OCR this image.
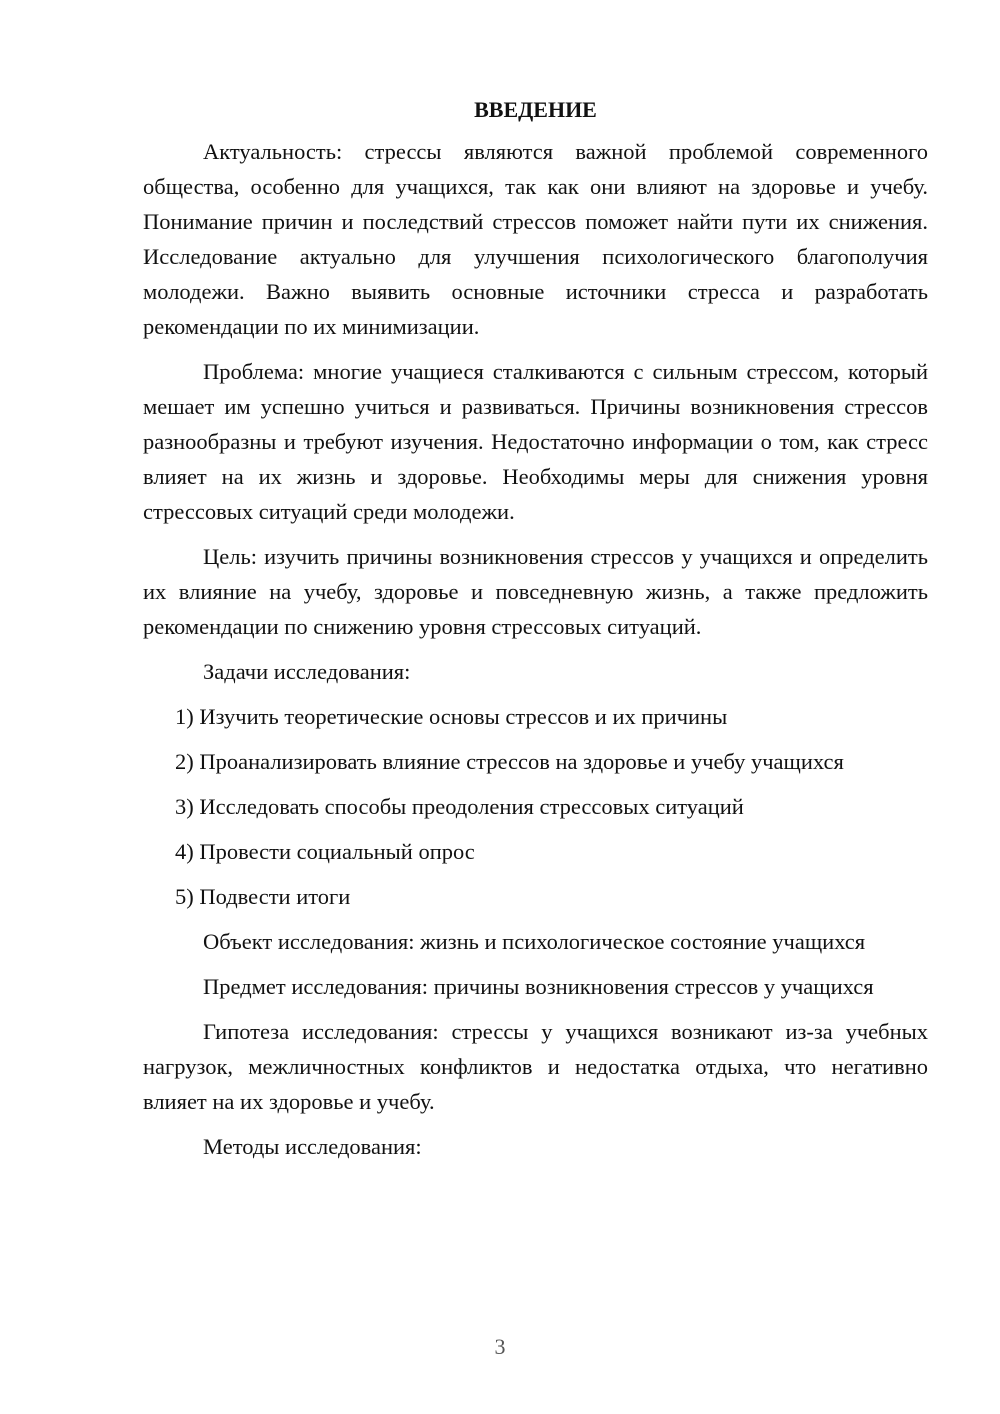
ВВЕДЕНИЕ

Актуальность: стрессы являются важной проблемой современного общества, особенно для учащихся, так как они влияют на здоровье и учебу. Понимание причин и последствий стрессов поможет найти пути их снижения. Исследование актуально для улучшения психологического благополучия молодежи. Важно выявить основные источники стресса и разработать рекомендации по их минимизации.

Проблема: многие учащиеся сталкиваются с сильным стрессом, который мешает им успешно учиться и развиваться. Причины возникновения стрессов разнообразны и требуют изучения. Недостаточно информации о том, как стресс влияет на их жизнь и здоровье. Необходимы меры для снижения уровня стрессовых ситуаций среди молодежи.

Цель: изучить причины возникновения стрессов у учащихся и определить их влияние на учебу, здоровье и повседневную жизнь, а также предложить рекомендации по снижению уровня стрессовых ситуаций.

Задачи исследования:

1) Изучить теоретические основы стрессов и их причины
2) Проанализировать влияние стрессов на здоровье и учебу учащихся
3) Исследовать способы преодоления стрессовых ситуаций
4) Провести социальный опрос
5) Подвести итоги

Объект исследования: жизнь и психологическое состояние учащихся

Предмет исследования: причины возникновения стрессов у учащихся

Гипотеза исследования: стрессы у учащихся возникают из-за учебных нагрузок, межличностных конфликтов и недостатка отдыха, что негативно влияет на их здоровье и учебу.

Методы исследования:

3
